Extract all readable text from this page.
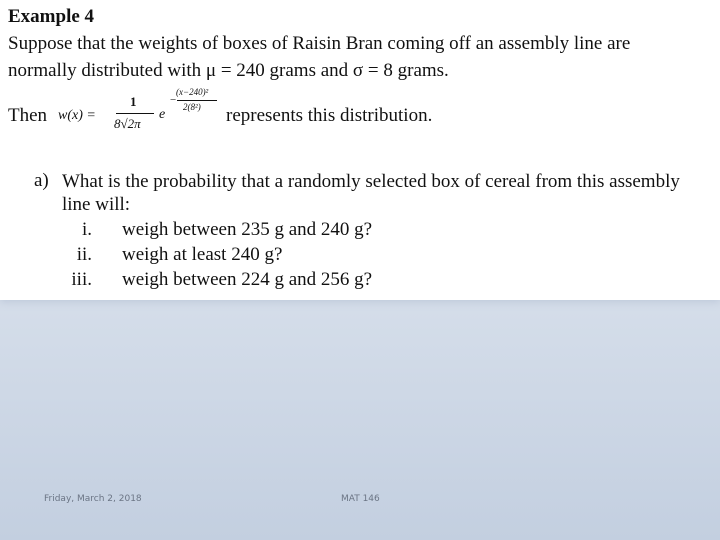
Example 4
Suppose that the weights of boxes of Raisin Bran coming off an assembly line are
normally distributed with μ = 240 grams and σ = 8 grams.
Then w(x) =
1
8√2π
e
−
(x−240)²
2(8²) represents this distribution.
a) What is the probability that a randomly selected box of cereal from this assembly line will:
i. weigh between 235 g and 240 g?
ii. weigh at least 240 g?
iii. weigh between 224 g and 256 g?
Friday, March 2, 2018	MAT 146
